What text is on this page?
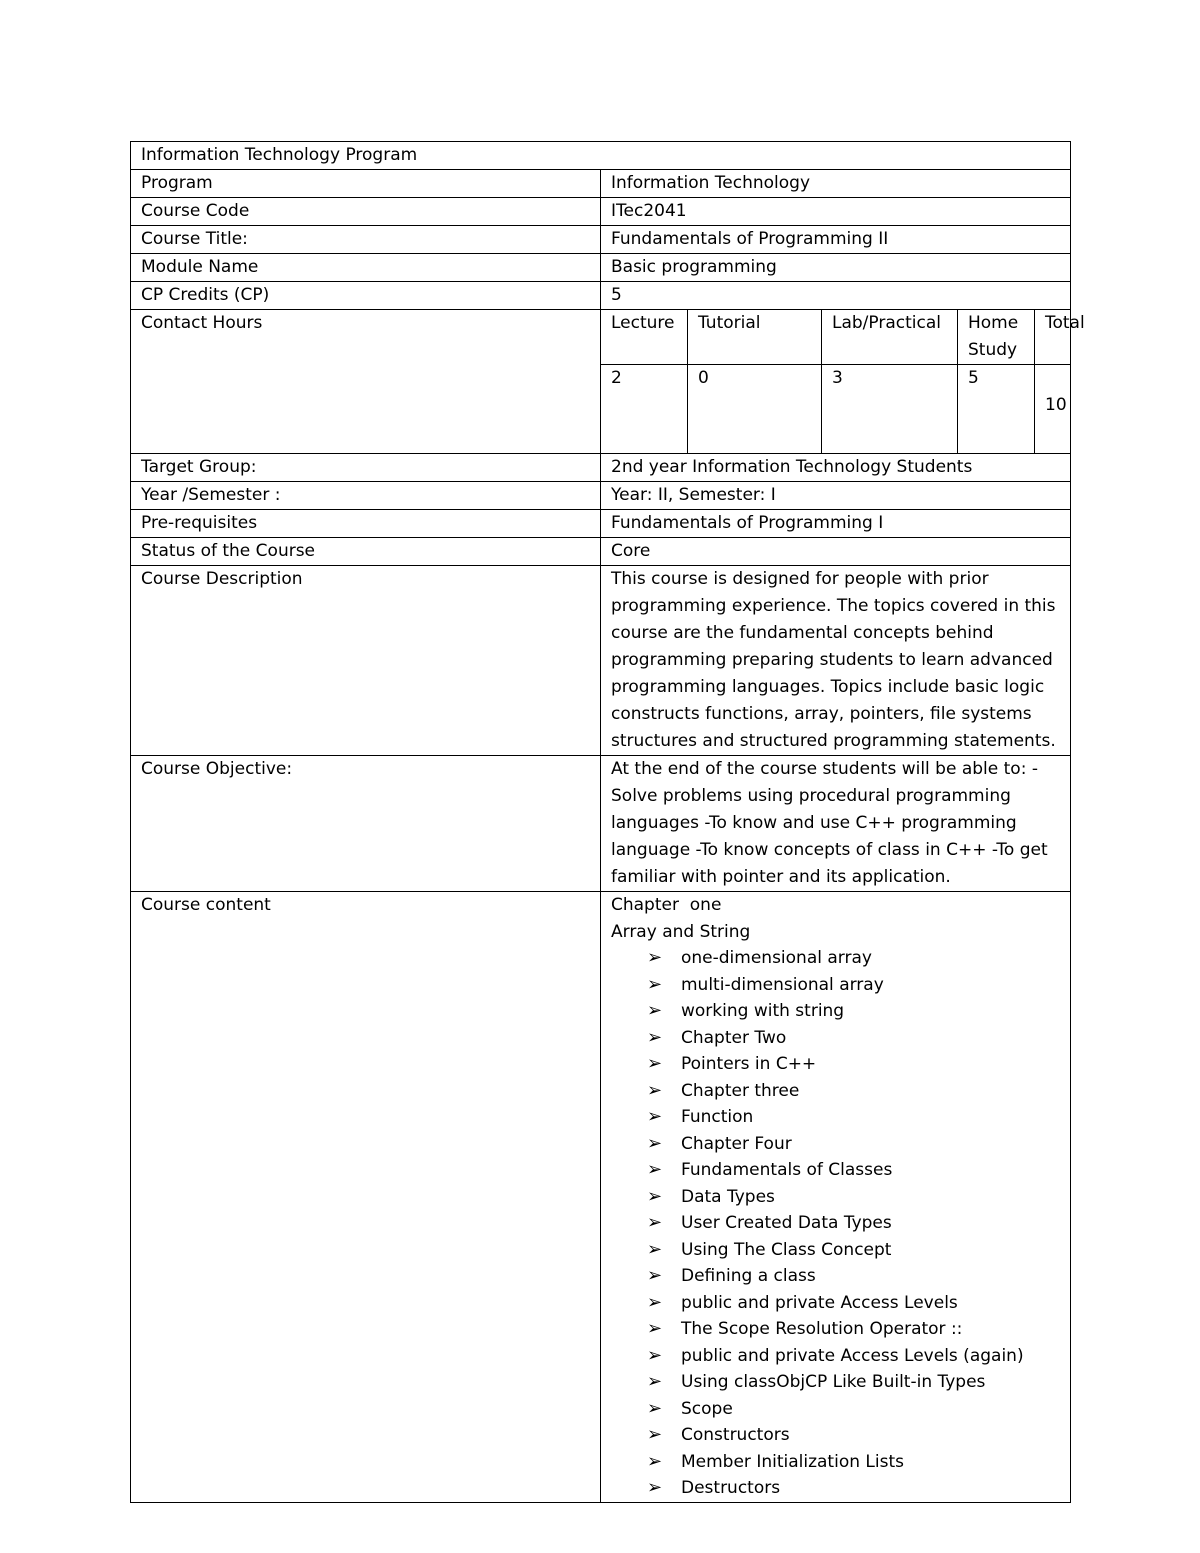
Information Technology Program
Program	Information Technology
Course Code	ITec2041
Course Title:	Fundamentals of Programming II
Module Name	Basic programming
CP Credits (CP)	5
Contact Hours		Lecture	Tutorial	Lab/Practical	Home Study	Total
2	0	3	5	10

Target Group:	2nd year Information Technology Students
Year /Semester :	Year: II, Semester: I
Pre-requisites	Fundamentals of Programming I
Status of the Course	Core
Course Description	This course is designed for people with prior programming experience. The topics covered in this course are the fundamental concepts behind programming preparing students to learn advanced programming languages. Topics include basic logic constructs functions, array, pointers, file systems structures and structured programming statements.
Course Objective:	At the end of the course students will be able to: -Solve problems using procedural programming languages -To know and use C++ programming language -To know concepts of class in C++ -To get familiar with pointer and its application.
Course content	Chapter  one
Array and String
➢ one-dimensional array
➢ multi-dimensional array
➢ working with string
➢ Chapter Two
➢ Pointers in C++
➢ Chapter three
➢ Function
➢ Chapter Four
➢ Fundamentals of Classes
➢ Data Types
➢ User Created Data Types
➢ Using The Class Concept
➢ Defining a class
➢ public and private Access Levels
➢ The Scope Resolution Operator ::
➢ public and private Access Levels (again)
➢ Using classObjCP Like Built-in Types
➢ Scope
➢ Constructors
➢ Member Initialization Lists
➢ Destructors
